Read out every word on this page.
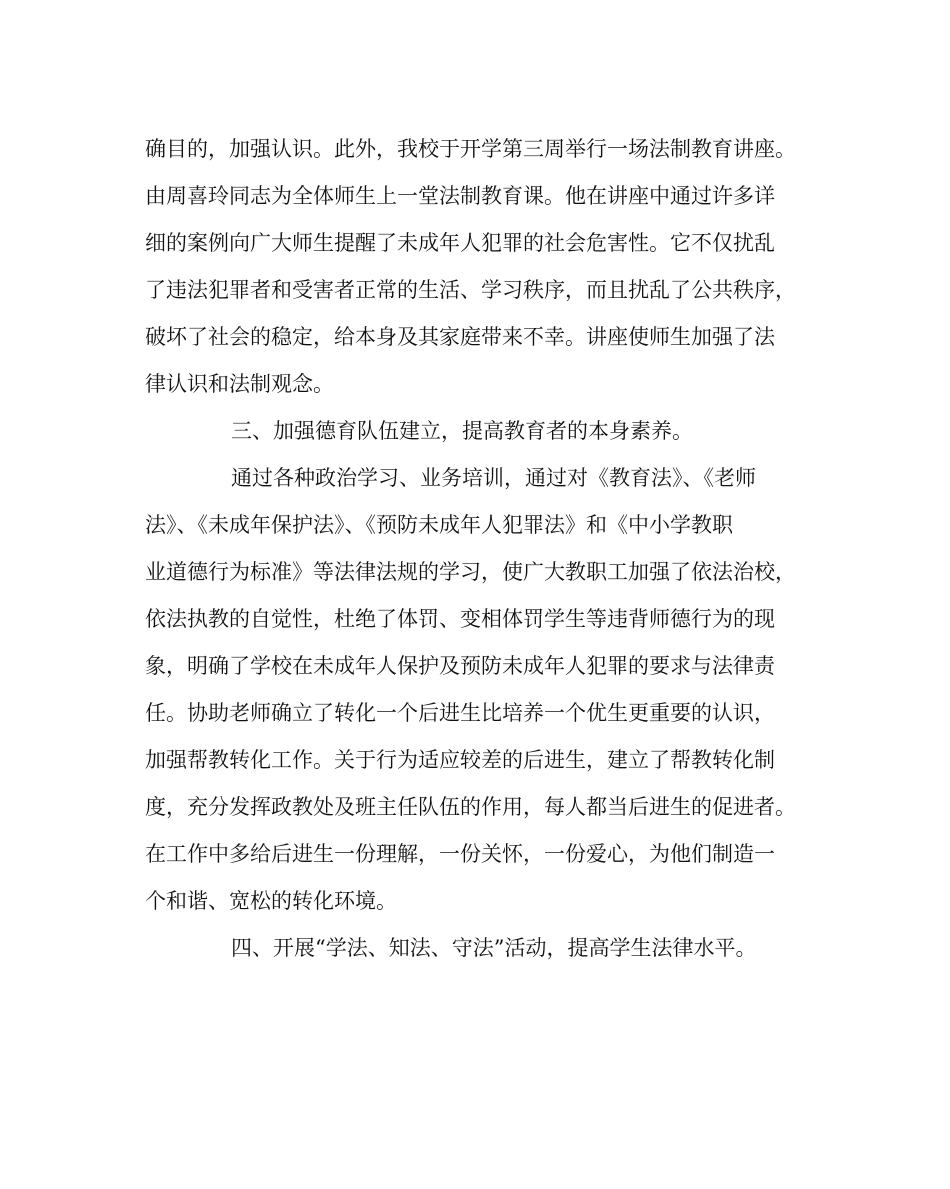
确目的，加强认识。此外，我校于开学第三周举行一场法制教育讲座。
由周喜玲同志为全体师生上一堂法制教育课。他在讲座中通过许多详
细的案例向广大师生提醒了未成年人犯罪的社会危害性。它不仅扰乱
了违法犯罪者和受害者正常的生活、学习秩序，而且扰乱了公共秩序，
破坏了社会的稳定，给本身及其家庭带来不幸。讲座使师生加强了法
律认识和法制观念。
三、加强德育队伍建立，提高教育者的本身素养。
通过各种政治学习、业务培训，通过对《教育法》、《老师
法》、《未成年保护法》、《预防未成年人犯罪法》和《中小学教职
业道德行为标准》等法律法规的学习，使广大教职工加强了依法治校，
依法执教的自觉性，杜绝了体罚、变相体罚学生等违背师德行为的现
象，明确了学校在未成年人保护及预防未成年人犯罪的要求与法律责
任。协助老师确立了转化一个后进生比培养一个优生更重要的认识，
加强帮教转化工作。关于行为适应较差的后进生，建立了帮教转化制
度，充分发挥政教处及班主任队伍的作用，每人都当后进生的促进者。
在工作中多给后进生一份理解，一份关怀，一份爱心，为他们制造一
个和谐、宽松的转化环境。
四、开展“学法、知法、守法”活动，提高学生法律水平。
